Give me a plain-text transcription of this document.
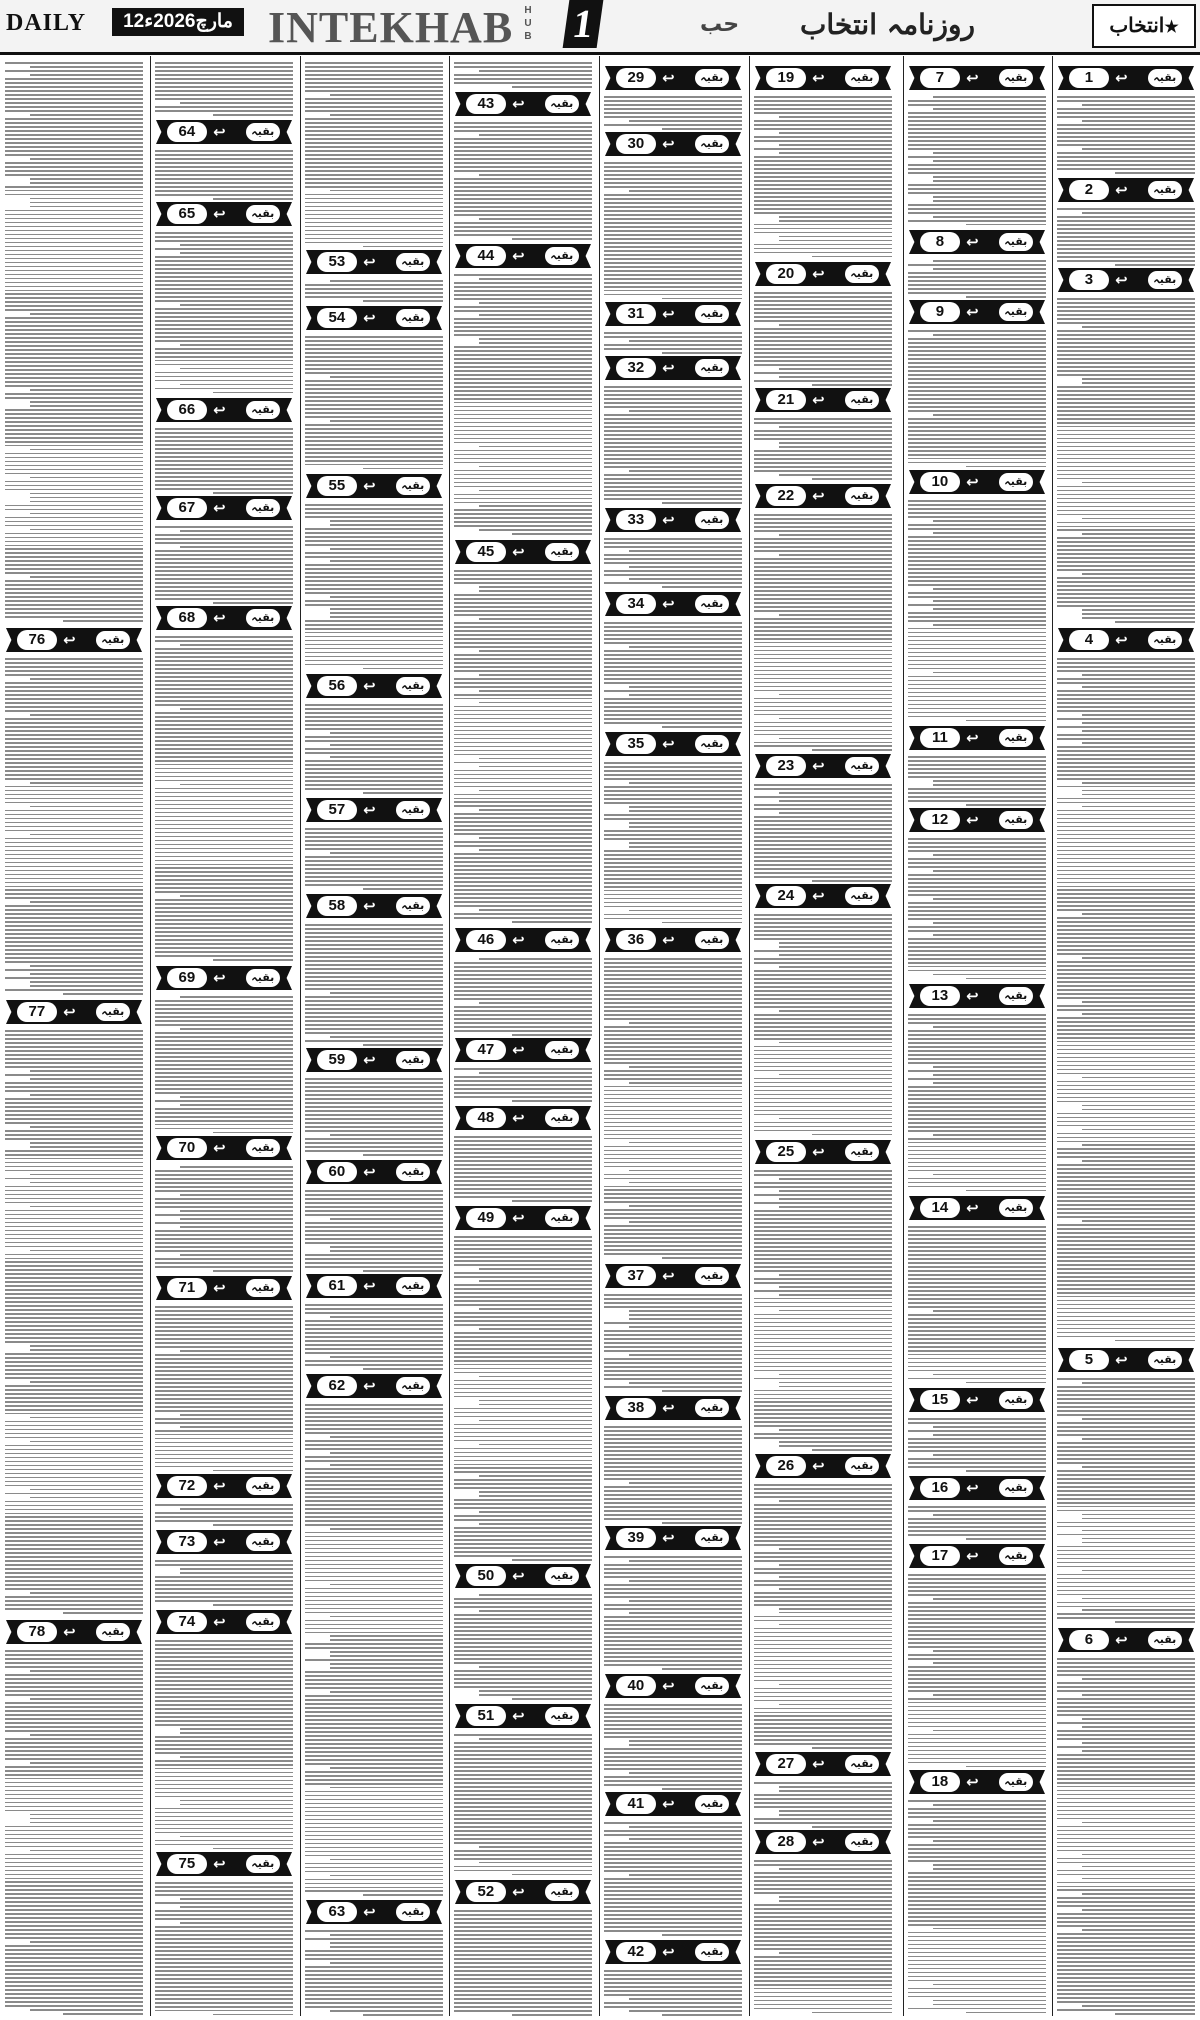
DAILY	12مارچ2026ء INTEKHAB H U B 1	حب روزنامہ انتخاب	★انتخاب
1	↩	بقیہ
2	↩	بقیہ
3	↩	بقیہ
4	↩	بقیہ
5	↩	بقیہ
6	↩	بقیہ
7	↩	بقیہ
8	↩	بقیہ
9	↩	بقیہ
10	↩	بقیہ
11	↩	بقیہ
12	↩	بقیہ
13	↩	بقیہ
14	↩	بقیہ
15	↩	بقیہ
16	↩	بقیہ
17	↩	بقیہ
18	↩	بقیہ
19	↩	بقیہ
20	↩	بقیہ
21	↩	بقیہ
22	↩	بقیہ
23	↩	بقیہ
24	↩	بقیہ
25	↩	بقیہ
26	↩	بقیہ
27	↩	بقیہ
28	↩	بقیہ
29	↩	بقیہ
30	↩	بقیہ
31	↩	بقیہ
32	↩	بقیہ
33	↩	بقیہ
34	↩	بقیہ
35	↩	بقیہ
36	↩	بقیہ
37	↩	بقیہ
38	↩	بقیہ
39	↩	بقیہ
40	↩	بقیہ
41	↩	بقیہ
42	↩	بقیہ
43	↩	بقیہ
44	↩	بقیہ
45	↩	بقیہ
46	↩	بقیہ
47	↩	بقیہ
48	↩	بقیہ
49	↩	بقیہ
50	↩	بقیہ
51	↩	بقیہ
52	↩	بقیہ
53	↩	بقیہ
54	↩	بقیہ
55	↩	بقیہ
56	↩	بقیہ
57	↩	بقیہ
58	↩	بقیہ
59	↩	بقیہ
60	↩	بقیہ
61	↩	بقیہ
62	↩	بقیہ
63	↩	بقیہ
64	↩	بقیہ
65	↩	بقیہ
66	↩	بقیہ
67	↩	بقیہ
68	↩	بقیہ
69	↩	بقیہ
70	↩	بقیہ
71	↩	بقیہ
72	↩	بقیہ
73	↩	بقیہ
74	↩	بقیہ
75	↩	بقیہ
76	↩	بقیہ
77	↩	بقیہ
78	↩	بقیہ
